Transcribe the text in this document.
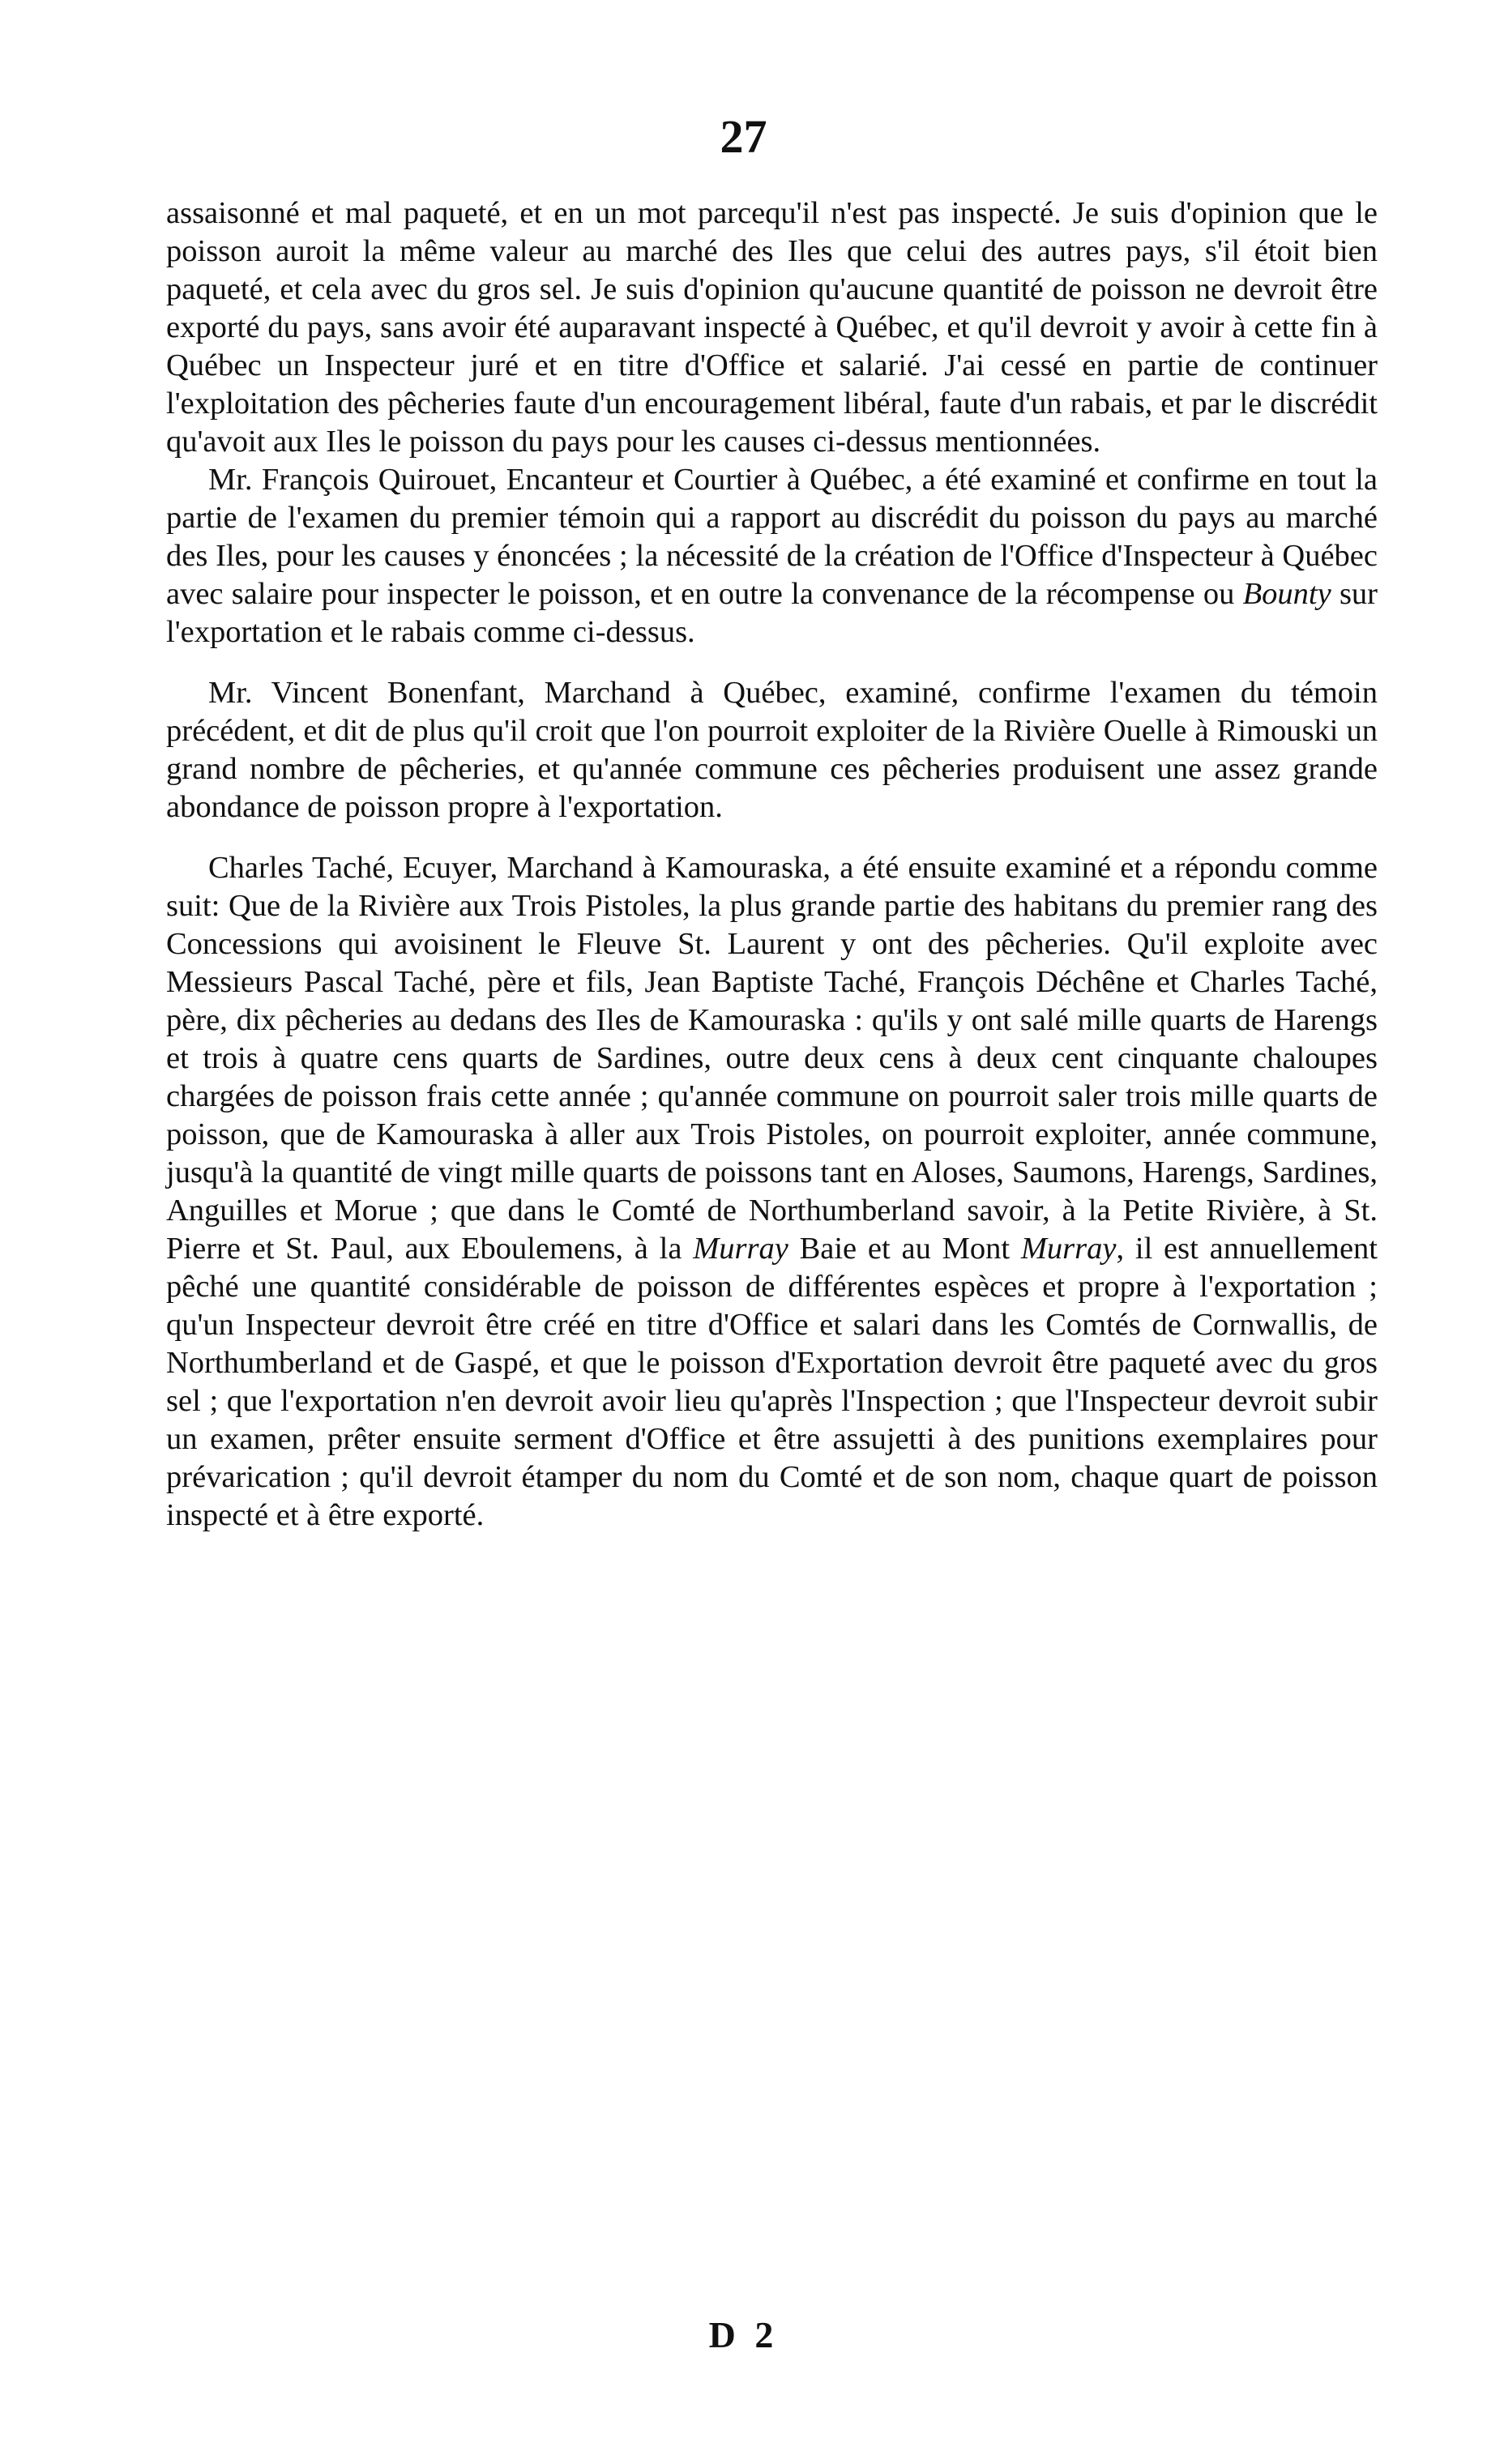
27

assaisonné et mal paqueté, et en un mot parcequ'il n'est pas inspecté. Je suis d'opinion que le poisson auroit la même valeur au marché des Iles que celui des autres pays, s'il étoit bien paqueté, et cela avec du gros sel. Je suis d'opinion qu'aucune quantité de poisson ne devroit être exporté du pays, sans avoir été auparavant inspecté à Québec, et qu'il devroit y avoir à cette fin à Québec un Inspecteur juré et en titre d'Office et salarié. J'ai cessé en partie de continuer l'exploitation des pêcheries faute d'un encouragement libéral, faute d'un rabais, et par le discrédit qu'avoit aux Iles le poisson du pays pour les causes ci-dessus mentionnées.

Mr. François Quirouet, Encanteur et Courtier à Québec, a été examiné et confirme en tout la partie de l'examen du premier témoin qui a rapport au discrédit du poisson du pays au marché des Iles, pour les causes y énoncées ; la nécessité de la création de l'Office d'Inspecteur à Québec avec salaire pour inspecter le poisson, et en outre la convenance de la récompense ou Bounty sur l'exportation et le rabais comme ci-dessus.

Mr. Vincent Bonenfant, Marchand à Québec, examiné, confirme l'examen du témoin précédent, et dit de plus qu'il croit que l'on pourroit exploiter de la Rivière Ouelle à Rimouski un grand nombre de pêcheries, et qu'année commune ces pêcheries produisent une assez grande abondance de poisson propre à l'exportation.

Charles Taché, Ecuyer, Marchand à Kamouraska, a été ensuite examiné et a répondu comme suit: Que de la Rivière aux Trois Pistoles, la plus grande partie des habitans du premier rang des Concessions qui avoisinent le Fleuve St. Laurent y ont des pêcheries. Qu'il exploite avec Messieurs Pascal Taché, père et fils, Jean Baptiste Taché, François Déchêne et Charles Taché, père, dix pêcheries au dedans des Iles de Kamouraska : qu'ils y ont salé mille quarts de Harengs et trois à quatre cens quarts de Sardines, outre deux cens à deux cent cinquante chaloupes chargées de poisson frais cette année ; qu'année commune on pourroit saler trois mille quarts de poisson, que de Kamouraska à aller aux Trois Pistoles, on pourroit exploiter, année commune, jusqu'à la quantité de vingt mille quarts de poissons tant en Aloses, Saumons, Harengs, Sardines, Anguilles et Morue ; que dans le Comté de Northumberland savoir, à la Petite Rivière, à St. Pierre et St. Paul, aux Eboulemens, à la Murray Baie et au Mont Murray, il est annuellement pêché une quantité considérable de poisson de différentes espèces et propre à l'exportation ; qu'un Inspecteur devroit être créé en titre d'Office et salari dans les Comtés de Cornwallis, de Northumberland et de Gaspé, et que le poisson d'Exportation devroit être paqueté avec du gros sel ; que l'exportation n'en devroit avoir lieu qu'après l'Inspection ; que l'Inspecteur devroit subir un examen, prêter ensuite serment d'Office et être assujetti à des punitions exemplaires pour prévarication ; qu'il devroit étamper du nom du Comté et de son nom, chaque quart de poisson inspecté et à être exporté.

D 2
